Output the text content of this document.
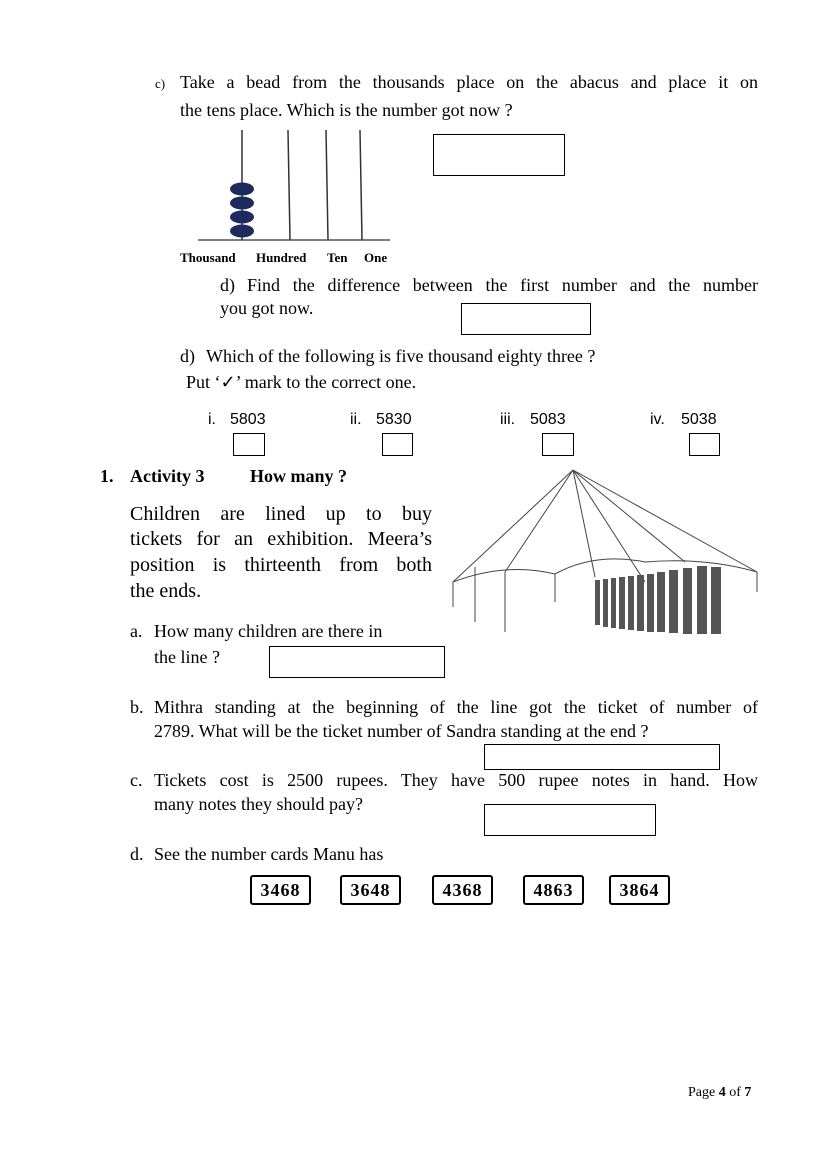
c) Take a bead from the thousands place on the abacus and place it on
the tens place. Which is the number got now ?
Thousand Hundred Ten One
d) Find the difference between the first number and the number
you got now.
d) Which of the following is five thousand eighty three ?
Put ‘✓’ mark to the correct one.
i. 5803	ii. 5830	iii. 5083	iv. 5038
1. Activity 3	How many ?
Children are lined up to buy
tickets for an exhibition. Meera’s
position is thirteenth from both
the ends.
a. How many children are there in
the line ?
b. Mithra standing at the beginning of the line got the ticket of number of
2789. What will be the ticket number of Sandra standing at the end ?
c. Tickets cost is 2500 rupees. They have 500 rupee notes in hand. How
many notes they should pay?
d. See the number cards Manu has
3468	3648	4368	4863	3864
Page 4 of 7
